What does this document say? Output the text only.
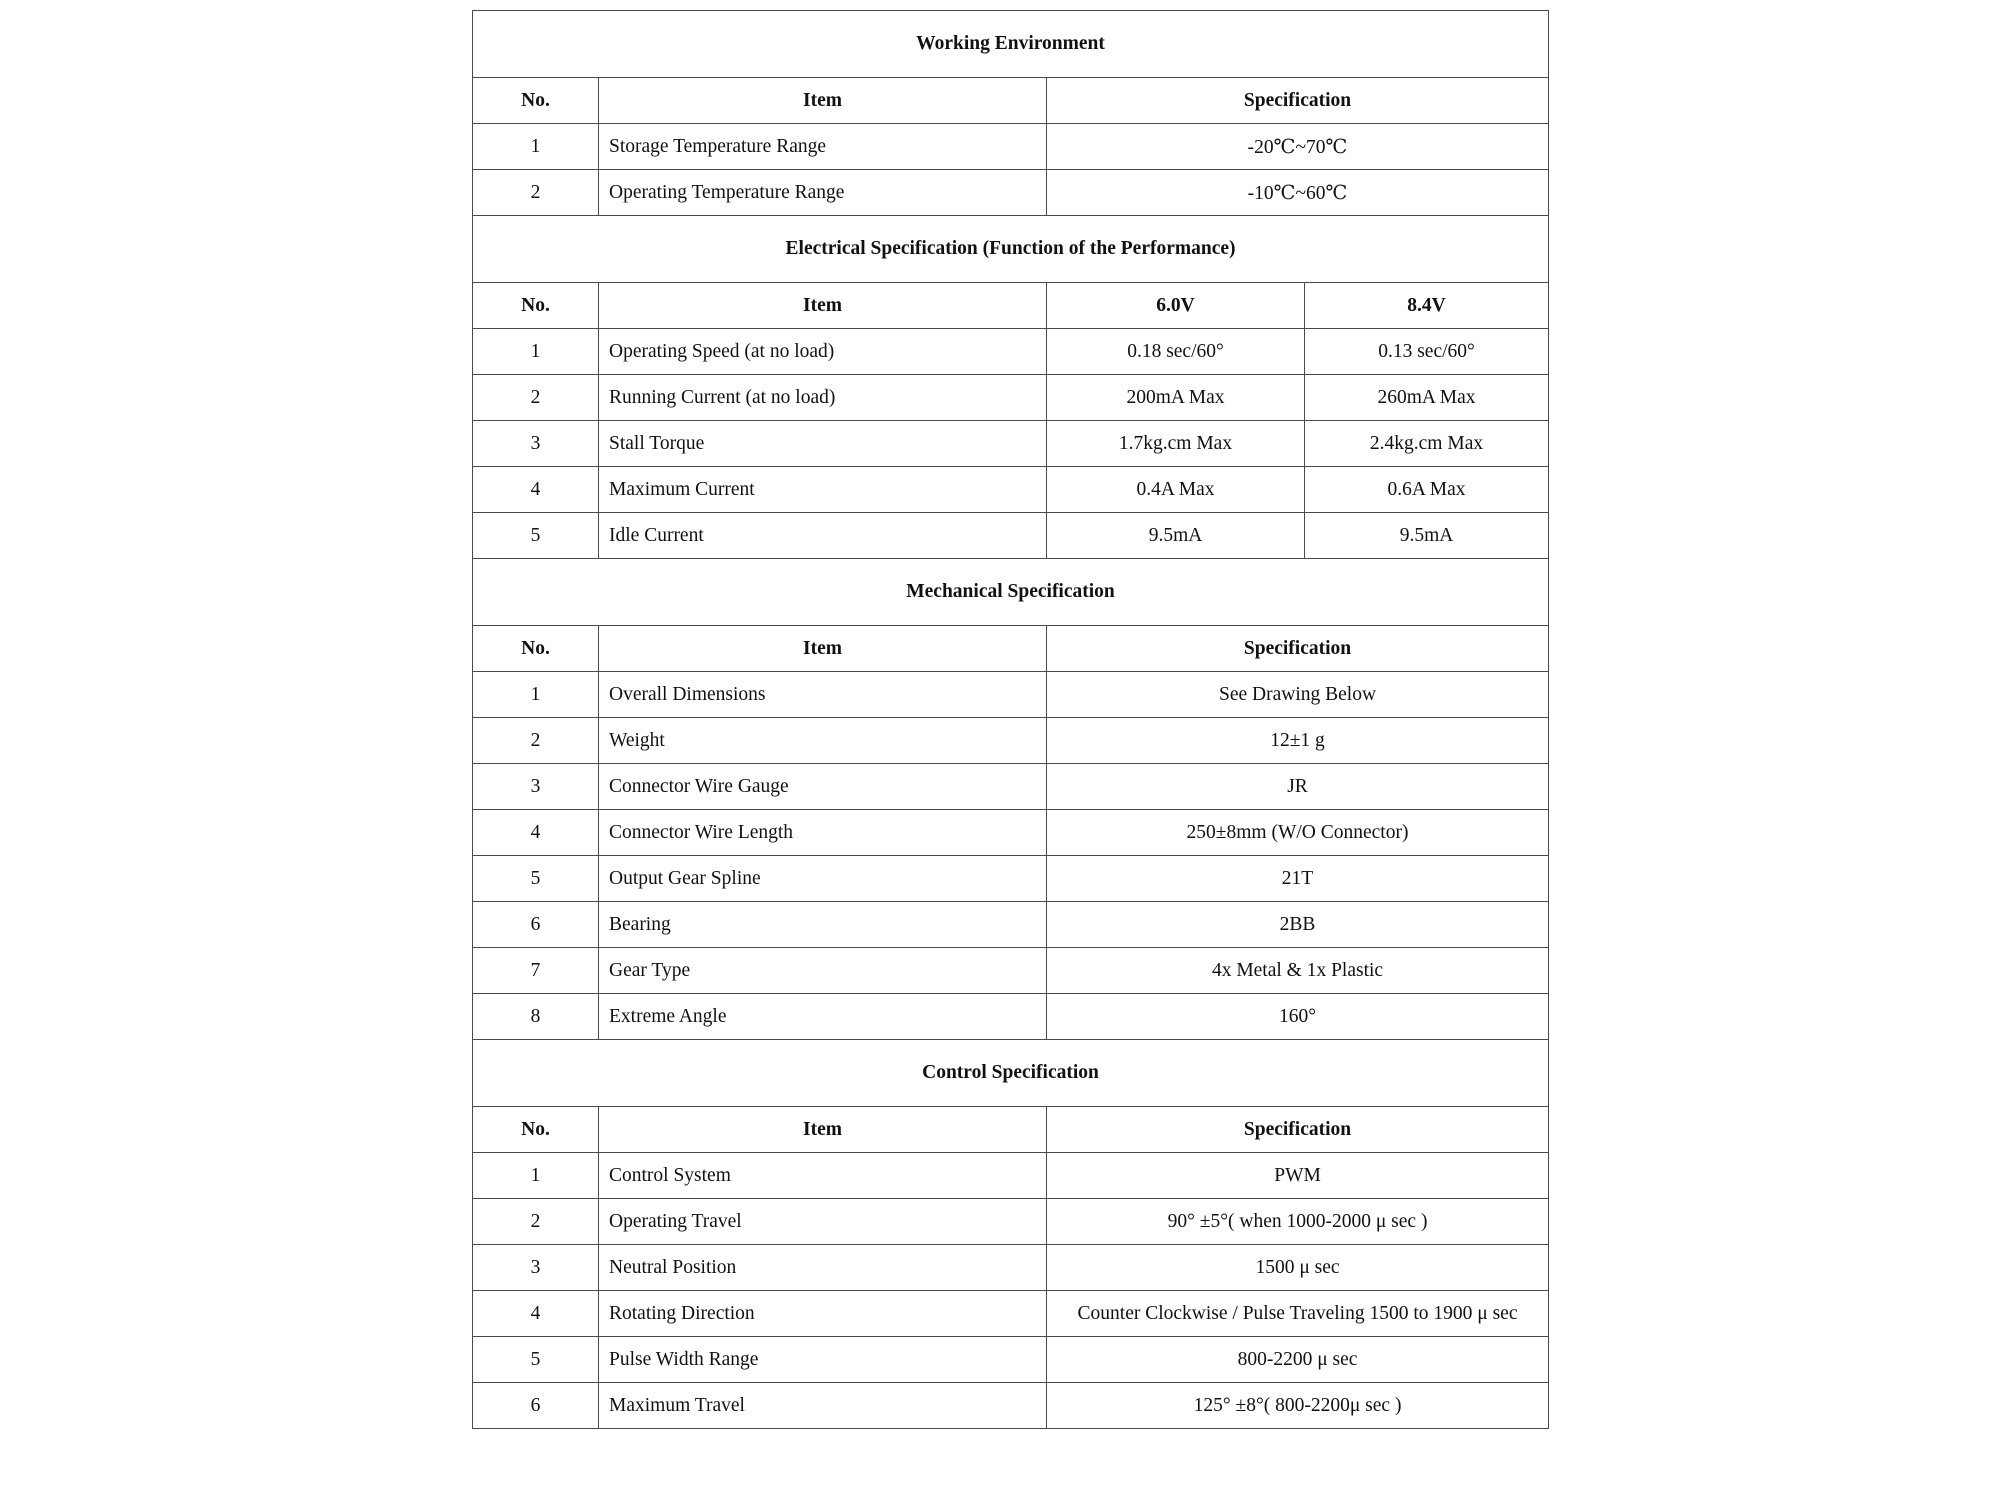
Working Environment			
No.	Item	Specification	
1	Storage Temperature Range	-20℃~70℃	
2	Operating Temperature Range	-10℃~60℃	
Electrical Specification (Function of the Performance)			
No.	Item	6.0V	8.4V
1	Operating Speed (at no load)	0.18 sec/60°	0.13 sec/60°
2	Running Current (at no load)	200mA Max	260mA Max
3	Stall Torque	1.7kg.cm Max	2.4kg.cm Max
4	Maximum Current	0.4A Max	0.6A Max
5	Idle Current	9.5mA	9.5mA
Mechanical Specification			
No.	Item	Specification	
1	Overall Dimensions	See Drawing Below	
2	Weight	12±1 g	
3	Connector Wire Gauge	JR	
4	Connector Wire Length	250±8mm (W/O Connector)	
5	Output Gear Spline	21T	
6	Bearing	2BB	
7	Gear Type	4x Metal & 1x Plastic	
8	Extreme Angle	160°	
Control Specification			
No.	Item	Specification	
1	Control System	PWM	
2	Operating Travel	90° ±5°( when 1000-2000 μ sec )	
3	Neutral Position	1500 μ sec	
4	Rotating Direction	Counter Clockwise / Pulse Traveling 1500 to 1900 μ sec	
5	Pulse Width Range	800-2200 μ sec	
6	Maximum Travel	125° ±8°( 800-2200μ sec )	
